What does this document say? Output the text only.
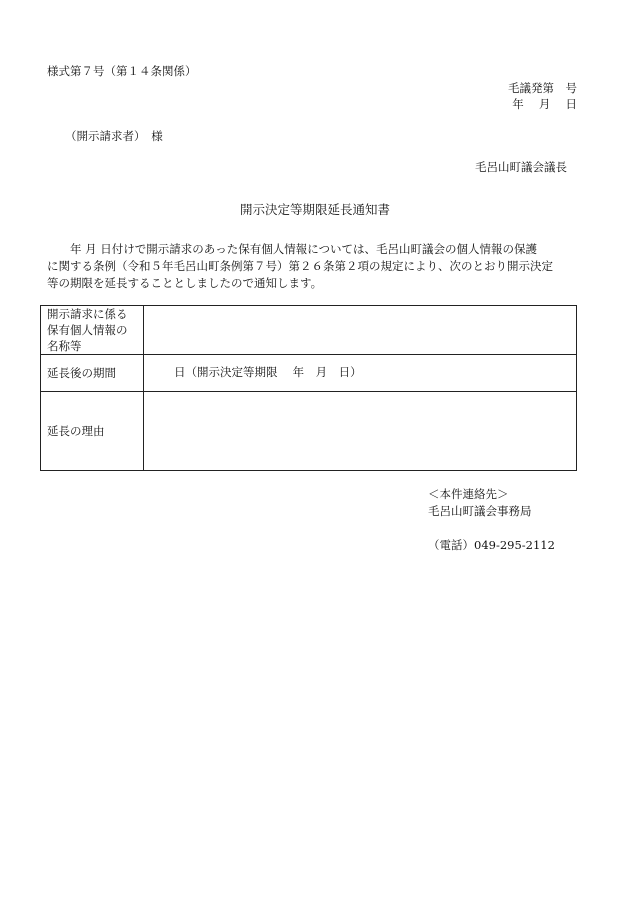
様式第７号（第１４条関係）
毛議発第　号
年　 月　 日
（開示請求者）　様
毛呂山町議会議長
開示決定等期限延長通知書

　　年 月 日付けで開示請求のあった保有個人情報については、毛呂山町議会の個人情報の保護

に関する条例（令和５年毛呂山町条例第７号）第２６条第２項の規定により、次のとおり開示決定

等の期限を延長することとしましたので通知します。

開示請求に係る
保有個人情報の
名称等	

延長後の期間	日（開示決定等期限　 年　月　日）
延長の理由	
＜本件連絡先＞
毛呂山町議会事務局
（電話）049-295-2112
